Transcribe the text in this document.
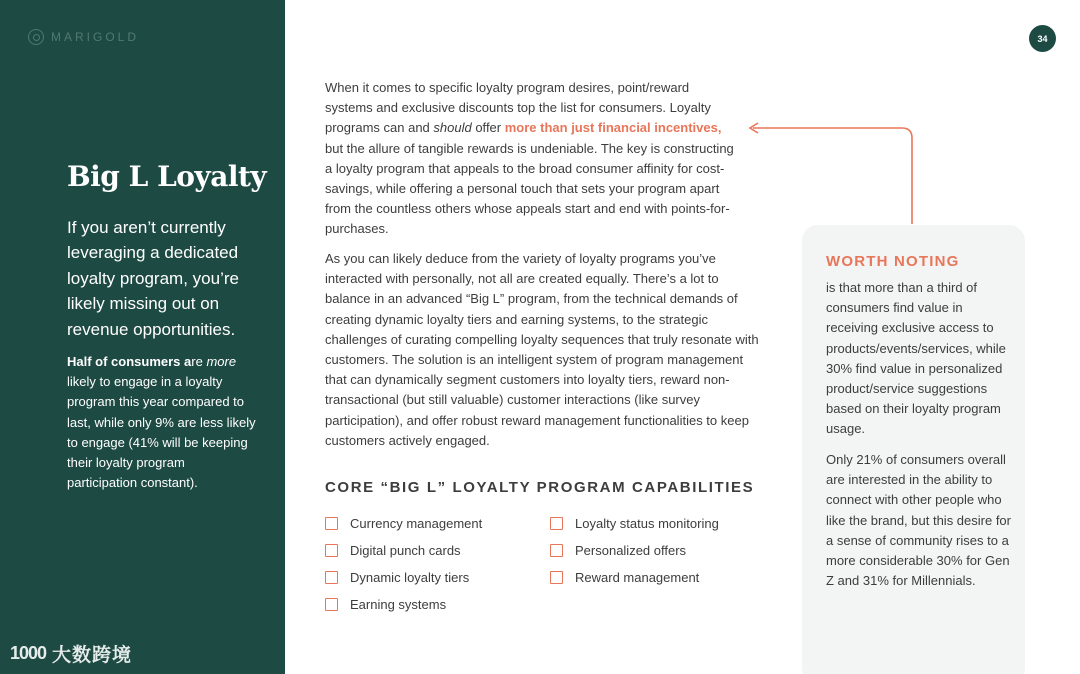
MARIGOLD
Big L Loyalty

If you aren’t currently leveraging a dedicated loyalty program, you’re likely missing out on revenue opportunities.

Half of consumers are more likely to engage in a loyalty program this year compared to last, while only 9% are less likely to engage (41% will be keeping their loyalty program participation constant).

1000 大数跨境
34

When it comes to specific loyalty program desires, point/reward systems and exclusive discounts top the list for consumers. Loyalty programs can and should offer more than just financial incentives, but the allure of tangible rewards is undeniable. The key is constructing a loyalty program that appeals to the broad consumer affinity for cost-savings, while offering a personal touch that sets your program apart from the countless others whose appeals start and end with points-for-purchases.

As you can likely deduce from the variety of loyalty programs you’ve interacted with personally, not all are created equally. There’s a lot to balance in an advanced “Big L” program, from the technical demands of creating dynamic loyalty tiers and earning systems, to the strategic challenges of curating compelling loyalty sequences that truly resonate with customers. The solution is an intelligent system of program management that can dynamically segment customers into loyalty tiers, reward non-transactional (but still valuable) customer interactions (like survey participation), and offer robust reward management functionalities to keep customers actively engaged.

CORE “BIG L” LOYALTY PROGRAM CAPABILITIES
Currency management
Digital punch cards
Dynamic loyalty tiers
Earning systems
Loyalty status monitoring
Personalized offers
Reward management
WORTH NOTING

is that more than a third of consumers find value in receiving exclusive access to products/events/services, while 30% find value in personalized product/service suggestions based on their loyalty program usage.

Only 21% of consumers overall are interested in the ability to connect with other people who like the brand, but this desire for a sense of community rises to a more considerable 30% for Gen Z and 31% for Millennials.
